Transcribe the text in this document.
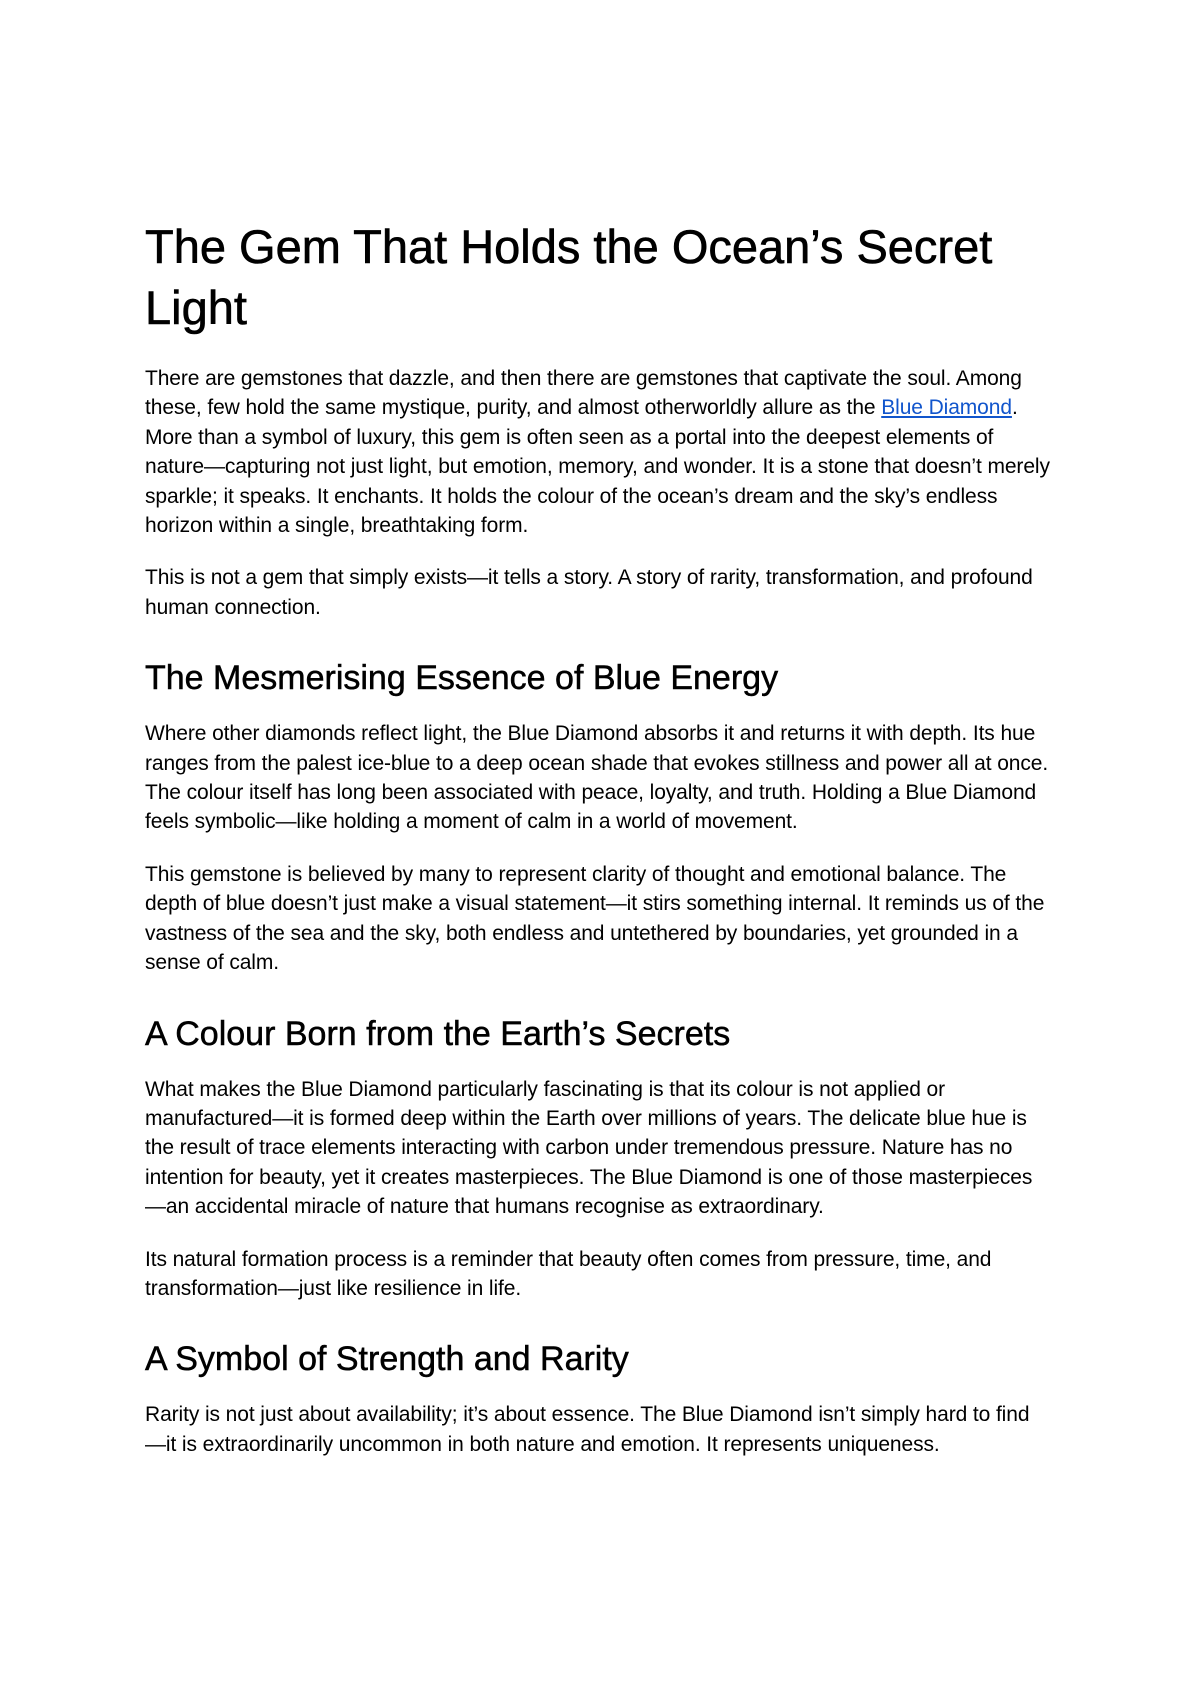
The Gem That Holds the Ocean’s Secret Light

There are gemstones that dazzle, and then there are gemstones that captivate the soul. Among these, few hold the same mystique, purity, and almost otherworldly allure as the Blue Diamond. More than a symbol of luxury, this gem is often seen as a portal into the deepest elements of nature—capturing not just light, but emotion, memory, and wonder. It is a stone that doesn’t merely sparkle; it speaks. It enchants. It holds the colour of the ocean’s dream and the sky’s endless horizon within a single, breathtaking form.

This is not a gem that simply exists—it tells a story. A story of rarity, transformation, and profound human connection.

The Mesmerising Essence of Blue Energy

Where other diamonds reflect light, the Blue Diamond absorbs it and returns it with depth. Its hue ranges from the palest ice-blue to a deep ocean shade that evokes stillness and power all at once. The colour itself has long been associated with peace, loyalty, and truth. Holding a Blue Diamond feels symbolic—like holding a moment of calm in a world of movement.

This gemstone is believed by many to represent clarity of thought and emotional balance. The depth of blue doesn’t just make a visual statement—it stirs something internal. It reminds us of the vastness of the sea and the sky, both endless and untethered by boundaries, yet grounded in a sense of calm.

A Colour Born from the Earth’s Secrets

What makes the Blue Diamond particularly fascinating is that its colour is not applied or manufactured—it is formed deep within the Earth over millions of years. The delicate blue hue is the result of trace elements interacting with carbon under tremendous pressure. Nature has no intention for beauty, yet it creates masterpieces. The Blue Diamond is one of those masterpieces—an accidental miracle of nature that humans recognise as extraordinary.

Its natural formation process is a reminder that beauty often comes from pressure, time, and transformation—just like resilience in life.

A Symbol of Strength and Rarity

Rarity is not just about availability; it’s about essence. The Blue Diamond isn’t simply hard to find—it is extraordinarily uncommon in both nature and emotion. It represents uniqueness.
